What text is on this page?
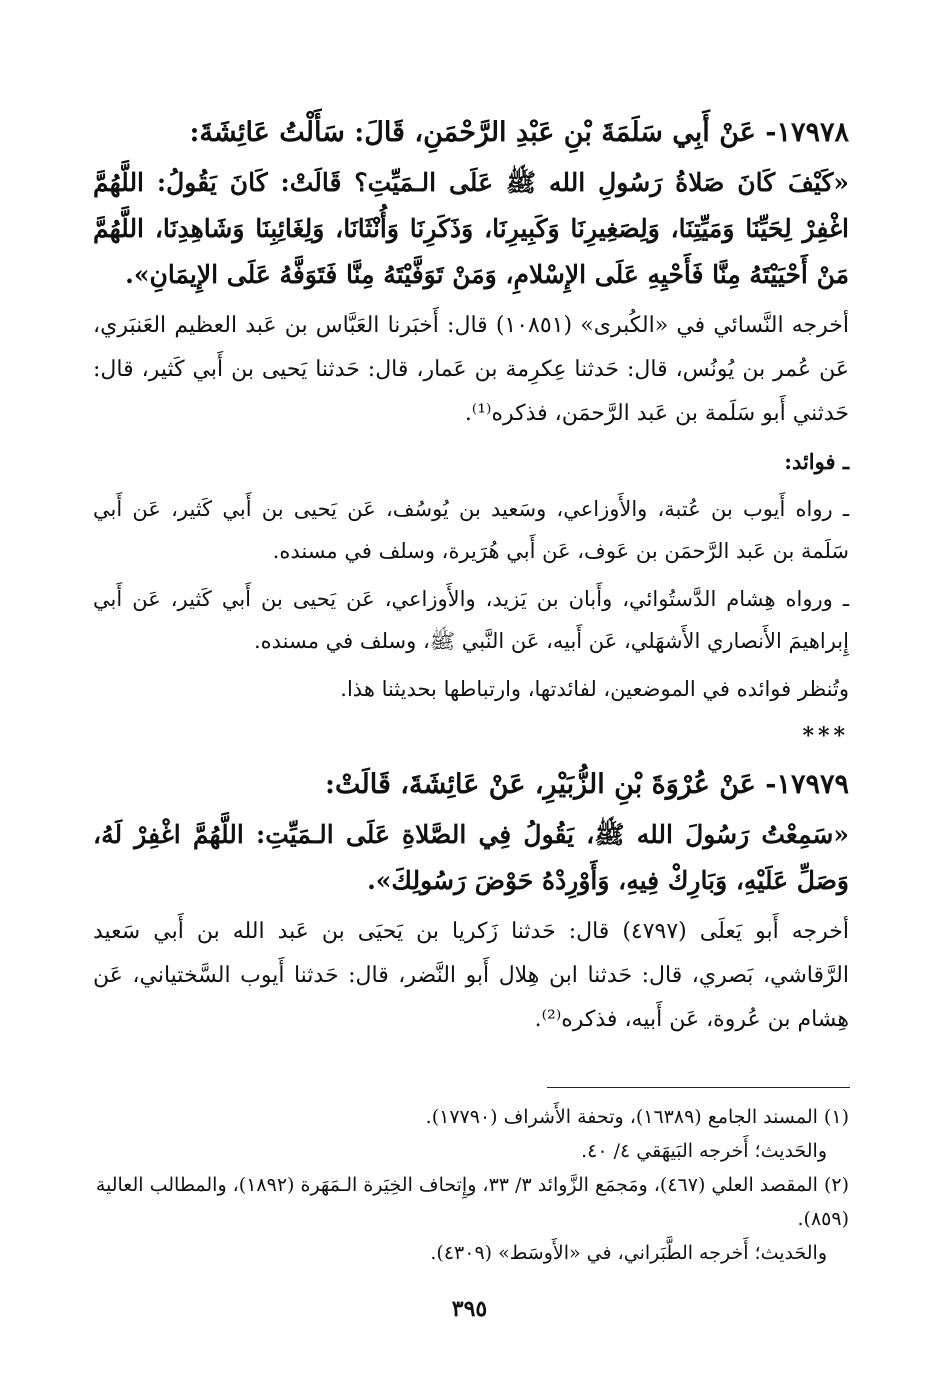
١٧٩٧٨- عَنْ أَبِي سَلَمَةَ بْنِ عَبْدِ الرَّحْمَنِ، قَالَ: سَأَلْتُ عَائِشَةَ:

«كَيْفَ كَانَ صَلاةُ رَسُولِ الله ﷺ عَلَى الـمَيِّتِ؟ قَالَتْ: كَانَ يَقُولُ: اللَّهُمَّ اغْفِرْ لِحَيِّنَا وَمَيِّتِنَا، وَلِصَغِيرِنَا وَكَبِيرِنَا، وَذَكَرِنَا وَأُنْثَانَا، وَلِغَائِبِنَا وَشَاهِدِنَا، اللَّهُمَّ مَنْ أَحْيَيْتَهُ مِنَّا فَأَحْيِهِ عَلَى الإِسْلامِ، وَمَنْ تَوَفَّيْتَهُ مِنَّا فَتَوَفَّهُ عَلَى الإِيمَانِ».

أخرجه النَّسائي في «الكُبرى» (١٠٨٥١) قال: أَخبَرنا العَبَّاس بن عَبد العظيم العَنبَري، عَن عُمر بن يُونُس، قال: حَدثنا عِكرِمة بن عَمار، قال: حَدثنا يَحيى بن أَبي كَثير، قال: حَدثني أَبو سَلَمة بن عَبد الرَّحمَن، فذكره⁽¹⁾.

ـ فوائد:

ـ رواه أَيوب بن عُتبة، والأَوزاعي، وسَعيد بن يُوسُف، عَن يَحيى بن أَبي كَثير، عَن أَبي سَلَمة بن عَبد الرَّحمَن بن عَوف، عَن أَبي هُرَيرة، وسلف في مسنده.

ـ ورواه هِشام الدَّستُوائي، وأَبان بن يَزيد، والأَوزاعي، عَن يَحيى بن أَبي كَثير، عَن أَبي إِبراهيمَ الأَنصاري الأَشهَلي، عَن أَبيه، عَن النَّبي ﷺ، وسلف في مسنده.

وتُنظر فوائده في الموضعين، لفائدتها، وارتباطها بحديثنا هذا.

***

١٧٩٧٩- عَنْ عُرْوَةَ بْنِ الزُّبَيْرِ، عَنْ عَائِشَةَ، قَالَتْ:

«سَمِعْتُ رَسُولَ الله ﷺ، يَقُولُ فِي الصَّلاةِ عَلَى الـمَيِّتِ: اللَّهُمَّ اغْفِرْ لَهُ، وَصَلِّ عَلَيْهِ، وَبَارِكْ فِيهِ، وَأَوْرِدْهُ حَوْضَ رَسُولِكَ».

أخرجه أَبو يَعلَى (٤٧٩٧) قال: حَدثنا زَكريا بن يَحيَى بن عَبد الله بن أَبي سَعيد الرَّقاشي، بَصري، قال: حَدثنا ابن هِلال أَبو النَّضر، قال: حَدثنا أَيوب السَّختياني، عَن هِشام بن عُروة، عَن أَبيه، فذكره⁽²⁾.

(١) المسند الجامع (١٦٣٨٩)، وتحفة الأَشراف (١٧٧٩٠).

والحَديث؛ أَخرجه البَيهَقي ٤/ ٤٠.

(٢) المقصد العلي (٤٦٧)، ومَجمَع الزَّوائد ٣/ ٣٣، وإِتحاف الخِيَرة الـمَهَرة (١٨٩٢)، والمطالب العالية (٨٥٩).

والحَديث؛ أَخرجه الطَّبَراني، في «الأَوسَط» (٤٣٠٩).

٣٩٥
